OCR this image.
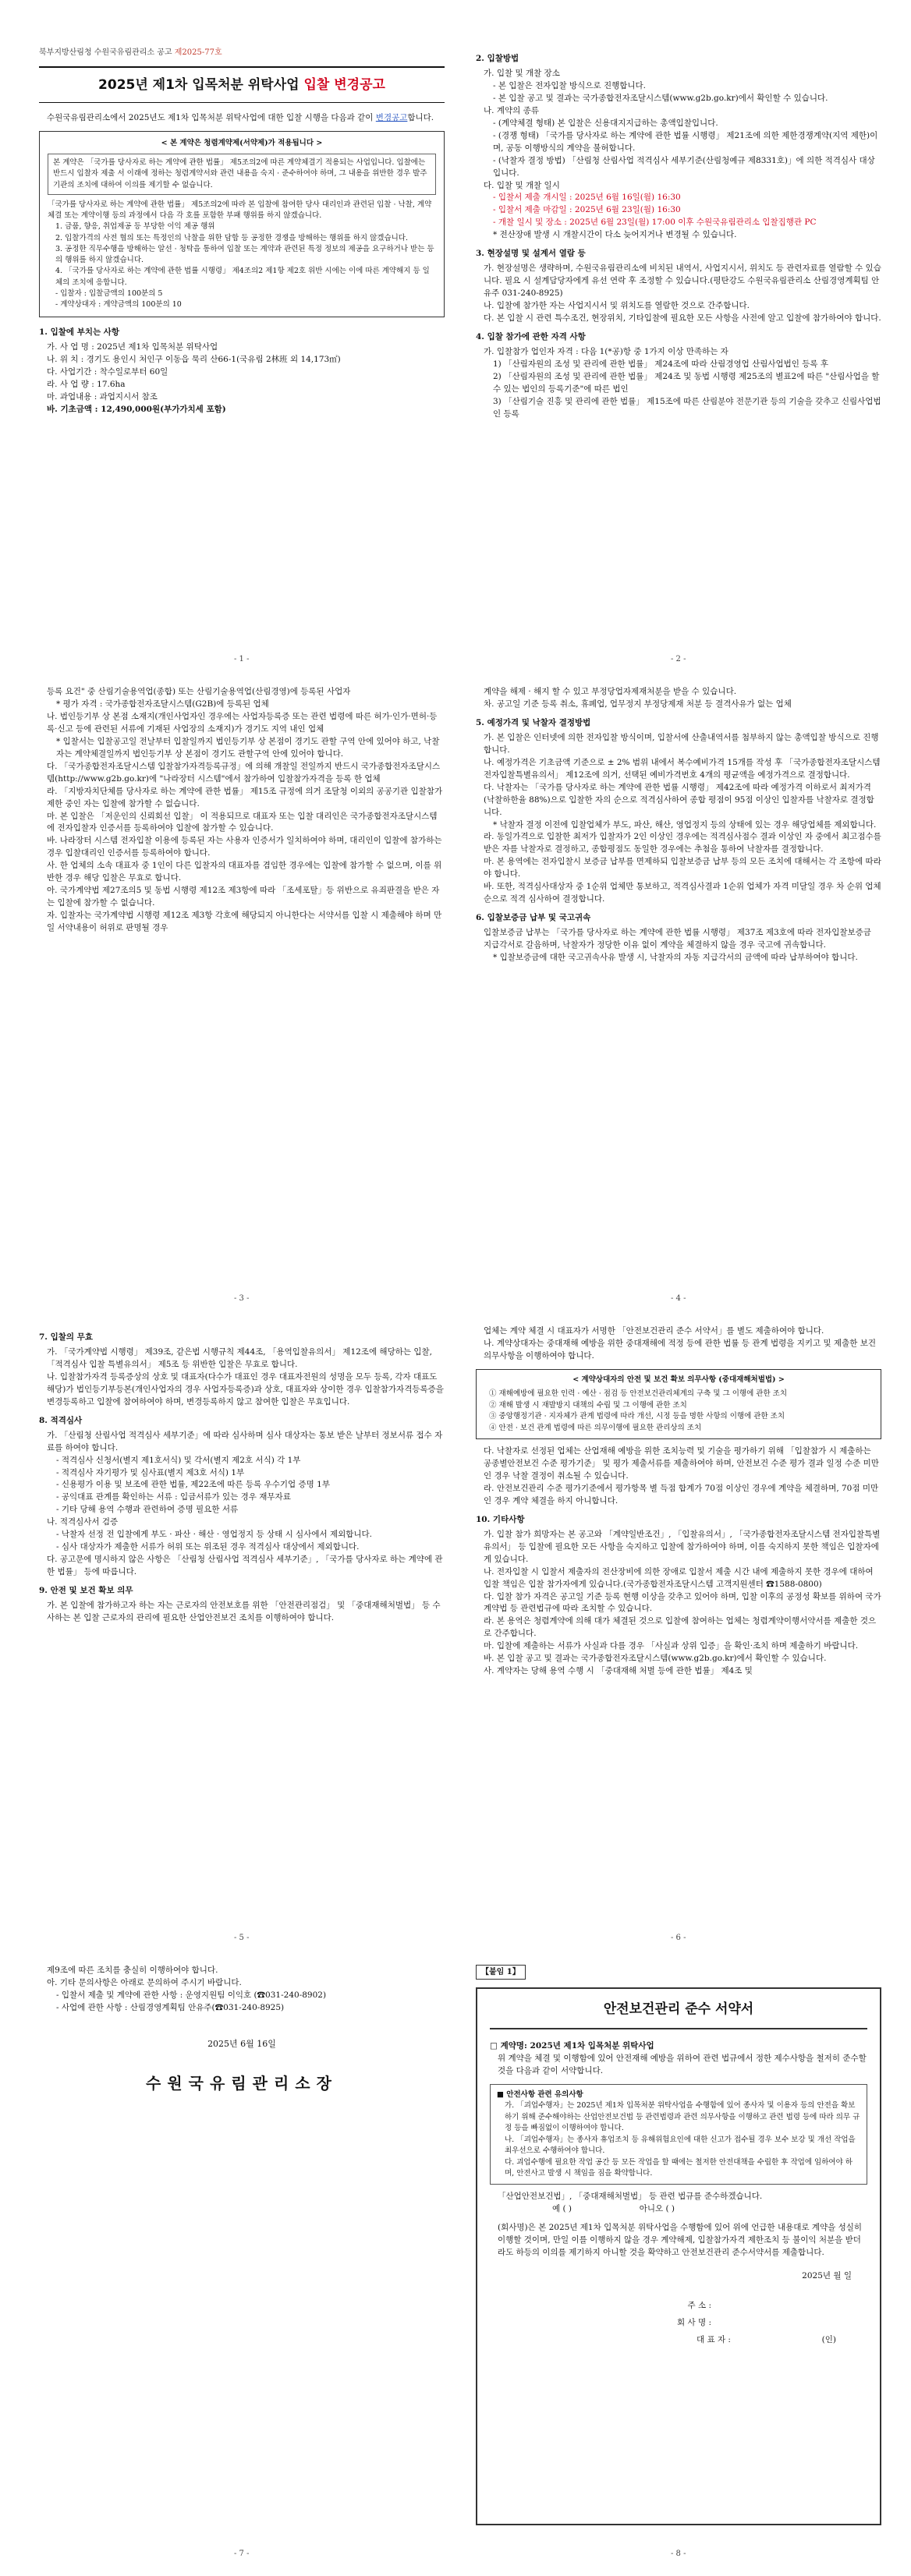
북부지방산림청 수원국유림관리소 공고 제2025-77호
2025년 제1차 입목처분 위탁사업 입찰 변경공고
수원국유림관리소에서 2025년도 제1차 입목처분 위탁사업에 대한 입찰 시행을 다음과 같이 변경공고합니다.
< 본 계약은 청렴계약제(서약제)가 적용됩니다 >
본 계약은 「국가를 당사자로 하는 계약에 관한 법률」 제5조의2에 따른 계약체결기 적용되는 사업입니다. 입찰에는 반드시 입찰자 제출 서 이래에 정하는 청렴계약서와 관련 내용을 숙지 · 준수하여야 하며, 그 내용을 위반한 경우 발주기관의 조치에 대하여 이의를 제기할 수 없습니다.
「국가를 당사자로 하는 계약에 관한 법률」 제5조의2에 따라 본 입찰에 참여한 당사 대리인과 관련된 입찰 · 낙찰, 계약체결 또는 계약이행 등의 과정에서 다음 각 호를 포함한 부패 행위를 하지 않겠습니다.
1. 금품, 향응, 취업제공 등 부당한 이익 제공 행위
2. 입찰가격의 사전 협의 또는 특정인의 낙찰을 위한 담합 등 공정한 경쟁을 방해하는 행위를 하지 않겠습니다.
3. 공정한 직무수행을 방해하는 알선 · 청탁을 통하여 입찰 또는 계약과 관련된 특정 정보의 제공을 요구하거나 받는 등의 행위를 하지 않겠습니다.
4. 「국가를 당사자로 하는 계약에 관한 법률 시행령」 제4조의2 제1항 제2호 위반 시에는 이에 따른 계약해지 등 일체의 조치에 응합니다.
- 입찰자 : 입찰금액의 100분의 5
- 계약상대자 : 계약금액의 100분의 10
1. 입찰에 부치는 사항
가. 사 업 명 : 2025년 제1차 입목처분 위탁사업
나. 위 치 : 경기도 용인시 처인구 이동읍 묵리 산66-1(국유림 2林班 외 14,173㎡)
다. 사업기간 : 착수일로부터 60일
라. 사 업 량 : 17.6ha
마. 과업내용 : 과업지시서 참조
바. 기초금액 : 12,490,000원(부가가치세 포함)
2. 입찰방법
가. 입찰 및 개찰 장소
- 본 입찰은 전자입찰 방식으로 진행합니다.
- 본 입찰 공고 및 결과는 국가종합전자조달시스템(www.g2b.go.kr)에서 확인할 수 있습니다.
나. 계약의 종류
- (계약체결 형태) 본 입찰은 신용대지지급하는 총액입찰입니다.
- (경쟁 형태) 「국가를 당사자로 하는 계약에 관한 법률 시행령」 제21조에 의한 제한경쟁계약(지역 제한)이며, 공동 이행방식의 계약을 불허합니다.
- (낙찰자 결정 방법) 「산림청 산림사업 적격심사 세부기준(산림청예규 제8331호)」에 의한 적격심사 대상입니다.
다. 입찰 및 개찰 일시
- 입찰서 제출 개시일 : 2025년 6월 16일(월) 16:30
- 입찰서 제출 마감일 : 2025년 6월 23일(월) 16:30
- 개찰 일시 및 장소 : 2025년 6월 23일(월) 17:00 이후 수원국유림관리소 입찰집행관 PC
* 전산장애 발생 시 개찰시간이 다소 늦어지거나 변경될 수 있습니다.
3. 현장설명 및 설계서 열람 등
가. 현장설명은 생략하며, 수원국유림관리소에 비치된 내역서, 사업지시서, 위치도 등 관련자료를 열람할 수 있습니다. 필요 시 설계담당자에게 유선 연락 후 조정할 수 있습니다.(평탄강도 수원국유림관리소 산림경영계획팀 안유주 031-240-8925)
나. 입찰에 참가한 자는 사업지시서 및 위치도를 열람한 것으로 간주합니다.
다. 본 입찰 시 관련 특수조건, 현장위치, 기타입찰에 필요한 모든 사항을 사전에 알고 입찰에 참가하여야 합니다.
4. 입찰 참가에 관한 자격 사항
가. 입찰참가 업인자 자격 : 다음 1(*공)항 중 1가지 이상 만족하는 자
1) 「산림자원의 조성 및 관리에 관한 법률」 제24조에 따라 산림경영업 산림사업법인 등록 후
2) 「산림자원의 조성 및 관리에 관한 법률」 제24조 및 동법 시행령 제25조의 별표2에 따른 "산림사업을 할 수 있는 법인의 등록기준"에 따른 법인
3) 「산림기술 진흥 및 관리에 관한 법률」 제15조에 따른 산림분야 전문기관 등의 기술을 갖추고 신림사업법인 등록
등록 요건" 중 산림기술용역업(종합) 또는 산림기술용역업(산림경영)에 등록된 사업자
* 평가 자격 : 국가종합전자조달시스템(G2B)에 등록된 업체
나. 법인등기부 상 본점 소재지(개인사업자인 경우에는 사업자등록증 또는 관련 법령에 따른 허가·인가·면허·등록·신고 등에 관련된 서류에 기재된 사업장의 소재지)가 경기도 지역 내인 업체
* 입찰서는 입찰공고일 전날부터 입찰일까지 법인등기부 상 본점이 경기도 관할 구역 안에 있어야 하고, 낙찰자는 계약체결일까지 법인등기부 상 본점이 경기도 관할구역 안에 있어야 합니다.
다. 「국가종합전자조달시스템 입찰참가자격등록규정」에 의해 개찰일 전일까지 반드시 국가종합전자조달시스템(http://www.g2b.go.kr)에 "나라장터 시스템"에서 참가하여 입찰참가자격을 등록 한 업체
라. 「지방자치단체를 당사자로 하는 계약에 관한 법률」 제15조 규정에 의거 조달청 이외의 공공기관 입찰참가제한 중인 자는 입찰에 참가할 수 없습니다.
마. 본 입찰은 「저운인의 신뢰회선 입찰」 이 적용되므로 대표자 또는 입찰 대리인은 국가종합전자조달시스템에 전자입찰자 인증서를 등록하여야 입찰에 참가할 수 있습니다.
바. 나라장터 시스템 전자입찰 이용에 등록된 자는 사용자 인증서가 일치하여야 하며, 대리인이 입찰에 참가하는 경우 입찰대리인 인증서를 등록하여야 합니다.
사. 한 업체의 소속 대표자 중 1인이 다른 입찰자의 대표자를 겸임한 경우에는 입찰에 참가할 수 없으며, 이를 위반한 경우 해당 입찰은 무효로 합니다.
아. 국가계약법 제27조의5 및 동법 시행령 제12조 제3항에 따라 「조세포탈」등 위반으로 유죄판결을 받은 자는 입찰에 참가할 수 없습니다.
자. 입찰자는 국가계약법 시행령 제12조 제3항 각호에 해당되지 아니한다는 서약서를 입찰 시 제출해야 하며 만일 서약내용이 허위로 판명될 경우
계약을 해제 · 해지 할 수 있고 부정당업자제재처분을 받을 수 있습니다.
차. 공고일 기준 등록 취소, 휴폐업, 업무정지 부정당제재 처분 등 결격사유가 없는 업체
5. 예정가격 및 낙찰자 결정방법
가. 본 입찰은 인터넷에 의한 전자입찰 방식이며, 입찰서에 산출내역서를 첨부하지 않는 총액입찰 방식으로 진행합니다.
나. 예정가격은 기초금액 기준으로 ± 2% 범위 내에서 복수예비가격 15개를 작성 후 「국가종합전자조달시스템 전자입찰특별유의서」 제12조에 의거, 선택된 예비가격번호 4개의 평균액을 예정가격으로 결정합니다.
다. 낙찰자는 「국가를 당사자로 하는 계약에 관한 법률 시행령」 제42조에 따라 예정가격 이하로서 최저가격(낙찰하한율 88%)으로 입찰한 자의 순으로 적격심사하여 종합 평점이 95점 이상인 입찰자를 낙찰자로 결정합니다.
* 낙찰자 결정 이전에 입찰업체가 부도, 파산, 해산, 영업정지 등의 상태에 있는 경우 해당업체를 제외합니다.
라. 동일가격으로 입찰한 최저가 입찰자가 2인 이상인 경우에는 적격심사점수 결과 이상인 자 중에서 최고점수를 받은 자를 낙찰자로 결정하고, 종합평점도 동일한 경우에는 추첨을 통하여 낙찰자를 결정합니다.
마. 본 용역에는 전자입찰시 보증금 납부를 면제하되 입찰보증금 납부 등의 모든 조치에 대해서는 각 조항에 따라야 합니다.
바. 또한, 적격심사대상자 중 1순위 업체만 통보하고, 적격심사결과 1순위 업체가 자격 미달일 경우 차 순위 업체 순으로 적격 심사하여 결정합니다.
6. 입찰보증금 납부 및 국고귀속
입찰보증금 납부는 「국가를 당사자로 하는 계약에 관한 법률 시행령」 제37조 제3호에 따라 전자입찰보증금 지급각서로 갈음하며, 낙찰자가 정당한 이유 없이 계약을 체결하지 않을 경우 국고에 귀속합니다.
* 입찰보증금에 대한 국고귀속사유 발생 시, 낙찰자의 자동 지급각서의 금액에 따라 납부하여야 합니다.
7. 입찰의 무효
가. 「국가계약법 시행령」 제39조, 같은법 시행규칙 제44조, 「용역입찰유의서」 제12조에 해당하는 입찰, 「적격심사 입찰 특별유의서」 제5조 등 위반한 입찰은 무효로 합니다.
나. 입찰참가자격 등록증상의 상호 및 대표자(다수가 대표인 경우 대표자전원의 성명을 모두 등록, 각자 대표도 해당)가 법인등기부등본(개인사업자의 경우 사업자등록증)과 상호, 대표자와 상이한 경우 입찰참가자격등록증을 변경등록하고 입찰에 참여하여야 하며, 변경등록하지 않고 참여한 입찰은 무효입니다.
8. 적격심사
가. 「산림청 산림사업 적격심사 세부기준」에 따라 심사하며 심사 대상자는 통보 받은 날부터 정보서류 접수 자료를 하여야 합니다.
- 적격심사 신청서(별지 제1호서식) 및 각서(별지 제2호 서식) 각 1부
- 적격심사 자기평가 및 심사표(별지 제3호 서식) 1부
- 신용평가 이용 및 보조에 관한 법률, 제22조에 따른 등록 우수기업 증명 1부
- 공익대표 관계를 확인하는 서류 : 입금서류가 있는 경우 재무자료
- 기타 당해 용역 수행과 관련하여 증명 필요한 서류
나. 적격심사서 검증
- 낙찰자 선정 전 입찰에게 부도 · 파산 · 해산 · 영업정지 등 상태 시 심사에서 제외합니다.
- 심사 대상자가 제출한 서류가 허위 또는 위조된 경우 적격심사 대상에서 제외합니다.
다. 공고문에 명시하지 않은 사항은 「산림청 산림사업 적격심사 세부기준」, 「국가를 당사자로 하는 계약에 관한 법률」 등에 따릅니다.
9. 안전 및 보건 확보 의무
가. 본 입찰에 참가하고자 하는 자는 근로자의 안전보호를 위한 「안전관리점검」 및 「중대재해처벌법」 등 수사하는 본 입찰 근로자의 관리에 필요한 산업안전보건 조치를 이행하여야 합니다.
업체는 계약 체결 시 대표자가 서명한 「안전보건관리 준수 서약서」를 별도 제출하여야 합니다.
나. 계약상대자는 중대재해 예방을 위한 중대재해에 적정 등에 관한 법률 등 관계 법령을 지키고 및 제출한 보건 의무사항을 이행하여야 합니다.
< 계약상대자의 안전 및 보건 확보 의무사항 (중대재해처벌법) >
① 재해예방에 필요한 인력 · 예산 · 점검 등 안전보건관리체계의 구축 및 그 이행에 관한 조치
② 재해 발생 시 재발방지 대책의 수립 및 그 이행에 관한 조치
③ 중앙행정기관 · 지자체가 관계 법령에 따라 개선, 시정 등을 명한 사항의 이행에 관한 조치
④ 안전 · 보건 관계 법령에 따른 의무이행에 필요한 관리상의 조치
다. 낙찰자로 선정된 업체는 산업재해 예방을 위한 조치능력 및 기술을 평가하기 위해 「입찰참가 시 제출하는 공종별안전보건 수준 평가기준」 및 평가 제출서류를 제출하여야 하며, 안전보건 수준 평가 결과 일정 수준 미만인 경우 낙찰 결정이 취소될 수 있습니다.
라. 안전보건관리 수준 평가기준에서 평가항목 별 득점 합계가 70점 이상인 경우에 계약을 체결하며, 70점 미만인 경우 계약 체결을 하지 아니합니다.
10. 기타사항
가. 입찰 참가 희망자는 본 공고와 「계약일반조건」, 「입찰유의서」, 「국가종합전자조달시스템 전자입찰특별유의서」 등 입찰에 필요한 모든 사항을 숙지하고 입찰에 참가하여야 하며, 이를 숙지하지 못한 책임은 입찰자에게 있습니다.
나. 전자입찰 시 입찰서 제출자의 전산장비에 의한 장애로 입찰서 제출 시간 내에 제출하지 못한 경우에 대하여 입찰 책임은 입찰 참가자에게 있습니다.(국가종합전자조달시스템 고객지원센터 ☎1588-0800)
다. 입찰 참가 자격은 공고일 기준 등록 현행 이상을 갖추고 있어야 하며, 입찰 이후의 공정성 확보를 위하여 국가계약법 등 관련법규에 따라 조치할 수 있습니다.
라. 본 용역은 청렴계약에 의해 대가 체결된 것으로 입찰에 참여하는 업체는 청렴계약이행서약서를 제출한 것으로 간주합니다.
마. 입찰에 제출하는 서류가 사실과 다를 경우 「사실과 상위 입증」을 확인·조치 하며 제출하기 바랍니다.
바. 본 입찰 공고 및 결과는 국가종합전자조달시스템(www.g2b.go.kr)에서 확인할 수 있습니다.
사. 계약자는 당해 용역 수행 시 「중대재해 처벌 등에 관한 법률」 제4조 및
제9조에 따른 조치를 충실히 이행하여야 합니다.
아. 기타 문의사항은 아래로 문의하여 주시기 바랍니다.
- 입찰서 제출 및 계약에 관한 사항 : 운영지원팀 이익호 (☎031-240-8902)
- 사업에 관한 사항 : 산림경영계획팀 안유주(☎031-240-8925)
2025년 6월 16일
수원국유림관리소장
【붙임 1】
안전보건관리 준수 서약서
□ 계약명: 2025년 제1차 입목처분 위탁사업
위 계약을 체결 및 이행함에 있어 안전재해 예방을 위하여 관련 법규에서 정한 제수사항을 철저히 준수할 것을 다음과 같이 서약합니다.
■ 안전사항 관련 유의사항
가. 「괴업수행자」는 2025년 제1차 입목처분 위탁사업을 수행함에 있어 종사자 및 이용자 등의 안전을 확보하기 위해 준수해야하는 산업안전보건법 등 관련법령과 관련 의무사항을 이행하고 관련 법령 등에 따라 의무 규정 등을 빠짐없이 이행하여야 합니다.
나. 「괴업수행자」는 종사자 휴업조치 등 유해위험요인에 대한 신고가 접수될 경우 보수 보강 및 개선 작업을 최우선으로 수행하여야 합니다.
다. 괴업수행에 필요한 작업 공간 등 모든 작업을 할 때에는 철저한 안전대책을 수립한 후 작업에 임하여야 하며, 안전사고 발생 시 책임을 짐을 확약합니다.
「산업안전보건법」, 「중대재해처벌법」 등 관련 법규를 준수하겠습니다.
예 ( )	아니오 ( )
(회사명)은 본 2025년 제1차 입목처분 위탁사업을 수행함에 있어 위에 언급한 내용대로 계약을 성실히 이행할 것이며, 만일 이를 이행하지 않을 경우 계약해제, 입찰참가자격 제한조치 등 불이익 처분을 받더라도 하등의 이의를 제기하지 아니할 것을 확약하고 안전보건관리 준수서약서를 제출합니다.
2025년 월 일
주 소 :
회 사 명 :
대 표 자 :	(인)
- 1 -	- 2 -
- 3 -	- 4 -
- 5 -	- 6 -
- 7 -	- 8 -
